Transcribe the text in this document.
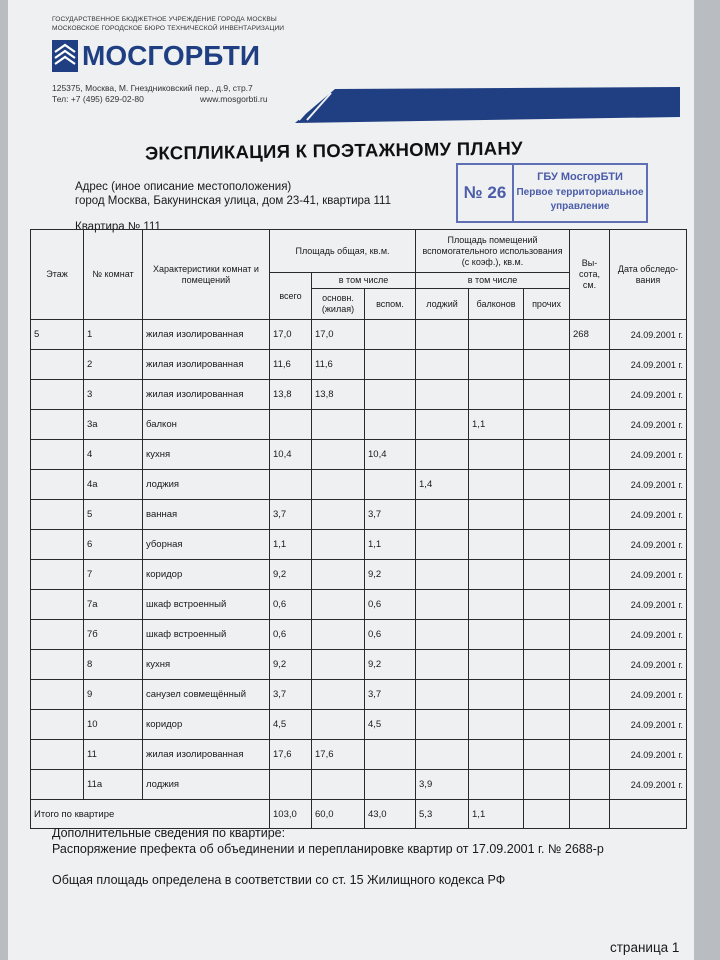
ГОСУДАРСТВЕННОЕ БЮДЖЕТНОЕ УЧРЕЖДЕНИЕ ГОРОДА МОСКВЫ
МОСКОВСКОЕ ГОРОДСКОЕ БЮРО ТЕХНИЧЕСКОЙ ИНВЕНТАРИЗАЦИИ
МОСГОРБТИ
125375, Москва, М. Гнездниковский пер., д.9, стр.7
Тел: +7 (495) 629-02-80	www.mosgorbti.ru
ЭКСПЛИКАЦИЯ К ПОЭТАЖНОМУ ПЛАНУ
Адрес (иное описание местоположения)
город Москва, Бакунинская улица, дом 23-41, квартира 111	№ 26
ГБУ МосгорБТИ
Первое территориальное
управление
Квартира № 111
Этаж	№ комнат	Характеристики комнат и помещений	Площадь общая, кв.м.			Площадь помещений вспомогательного использования (с коэф.), кв.м.			Вы-сота, см.	Дата обследо-вания
			всего	в том числе		в том числе				
				основн. (жилая)	вспом.	лоджий	балконов	прочих		
5	1	жилая изолированная	17,0	17,0					268	24.09.2001 г.
	2	жилая изолированная	11,6	11,6						24.09.2001 г.
	3	жилая изолированная	13,8	13,8						24.09.2001 г.
	3а	балкон					1,1			24.09.2001 г.
	4	кухня	10,4		10,4					24.09.2001 г.
	4а	лоджия				1,4				24.09.2001 г.
	5	ванная	3,7		3,7					24.09.2001 г.
	6	уборная	1,1		1,1					24.09.2001 г.
	7	коридор	9,2		9,2					24.09.2001 г.
	7а	шкаф встроенный	0,6		0,6					24.09.2001 г.
	7б	шкаф встроенный	0,6		0,6					24.09.2001 г.
	8	кухня	9,2		9,2					24.09.2001 г.
	9	санузел совмещённый	3,7		3,7					24.09.2001 г.
	10	коридор	4,5		4,5					24.09.2001 г.
	11	жилая изолированная	17,6	17,6						24.09.2001 г.
	11а	лоджия				3,9				24.09.2001 г.
Итого по квартире			103,0	60,0	43,0	5,3	1,1			
Дополнительные сведения по квартире:
Распоряжение префекта об объединении и перепланировке квартир от 17.09.2001 г. № 2688-р
Общая площадь определена в соответствии со ст. 15 Жилищного кодекса РФ
страница 1
